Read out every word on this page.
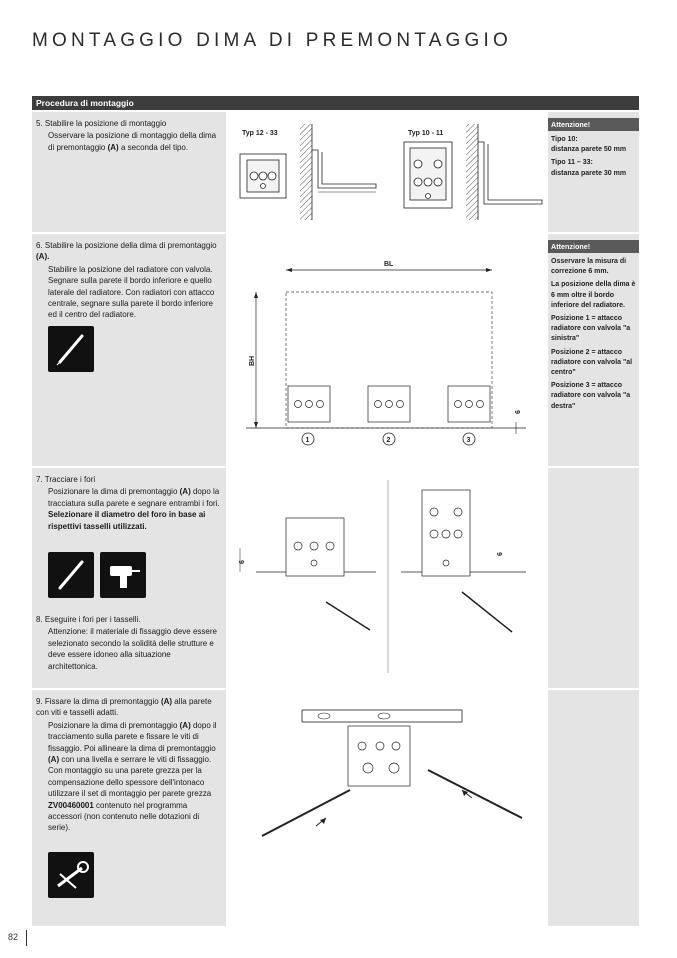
MONTAGGIO DIMA DI PREMONTAGGIO
Procedura di montaggio
5. Stabilire la posizione di montaggio
Osservare la posizione di montaggio della dima di premontaggio (A) a seconda del tipo.
Typ 12 - 33	Typ 10 - 11
Attenzione!
Tipo 10:

distanza parete 50 mm

Tipo 11 – 33:

distanza parete 30 mm

6. Stabilire la posizione della dima di premontaggio (A).
Stabilire la posizione del radiatore con valvola. Segnare sulla parete il bordo inferiore e quello laterale del radiatore. Con radiatori con attacco centrale, segnare sulla parete il bordo inferiore ed il centro del radiatore.
BL
BH
6
1	2	3
Attenzione!

Osservare la misura di correzione 6 mm.

La posizione della dima è 6 mm oltre il bordo inferiore del radiatore.

Posizione 1 = attacco radiatore con valvola "a sinistra"

Posizione 2 = attacco radiatore con valvola "al centro"

Posizione 3 = attacco radiatore con valvola "a destra"

7. Tracciare i fori
Posizionare la dima di premontaggio (A) dopo la tracciatura sulla parete e segnare entrambi i fori.
Selezionare il diametro del foro in base ai rispettivi tasselli utilizzati.
8. Eseguire i fori per i tasselli.
Attenzione: il materiale di fissaggio deve essere selezionato secondo la solidità delle strutture e deve essere idoneo alla situazione architettonica.
6
6
9. Fissare la dima di premontaggio (A) alla parete con viti e tasselli adatti.
Posizionare la dima di premontaggio (A) dopo il tracciamento sulla parete e fissare le viti di fissaggio. Poi allineare la dima di premontaggio (A) con una livella e serrare le viti di fissaggio.
Con montaggio su una parete grezza per la compensazione dello spessore dell'intonaco utilizzare il set di montaggio per parete grezza ZV00460001 contenuto nel programma accessori (non contenuto nelle dotazioni di serie).
82
